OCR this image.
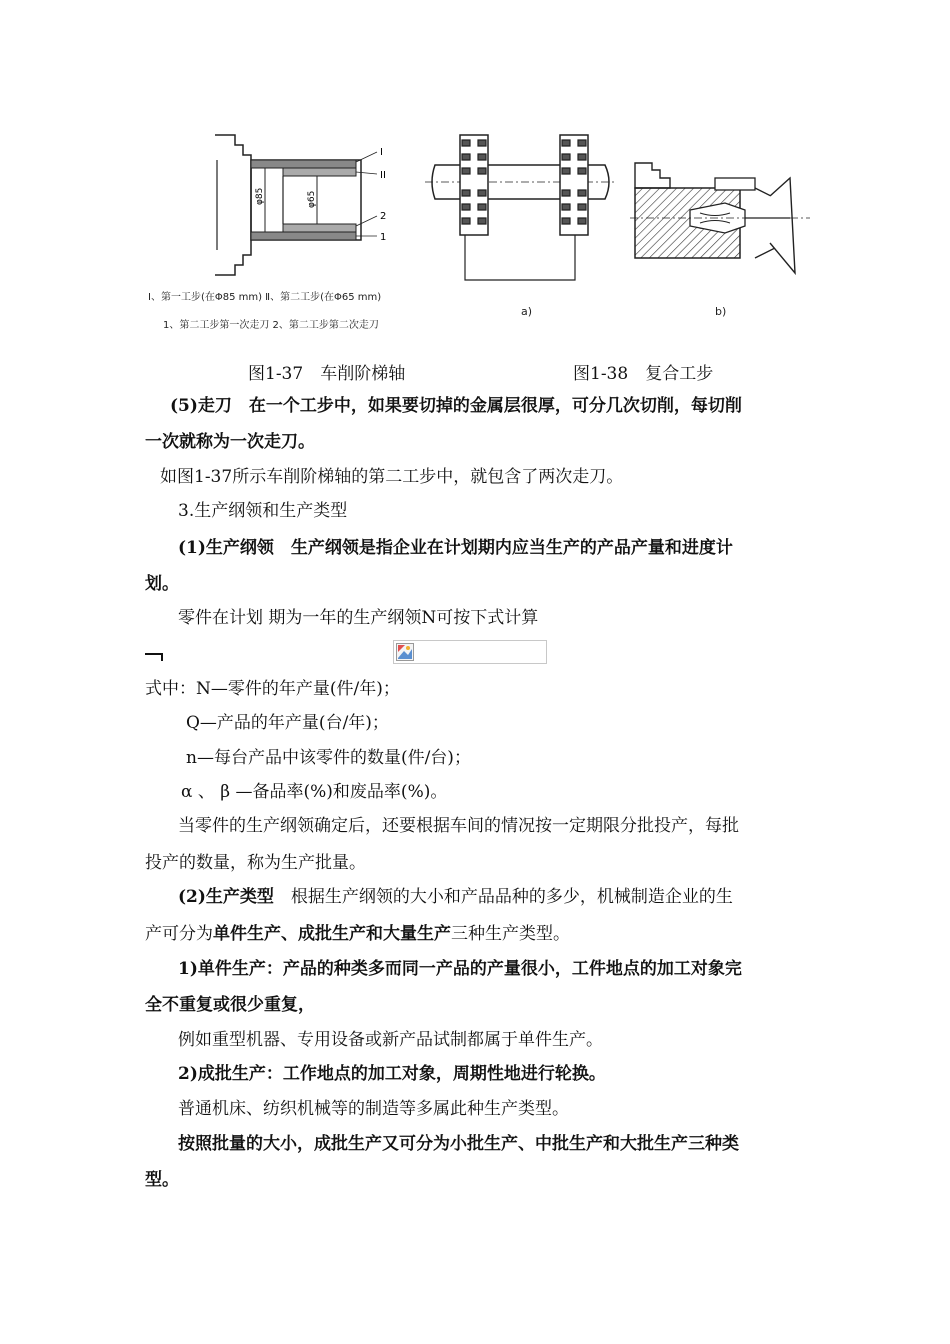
φ85	φ65
I
II
2
1
Ⅰ、第一工步(在Φ85 mm) Ⅱ、第二工步(在Φ65 mm)
1、第二工步第一次走刀 2、第二工步第二次走刀
a)	b)
图1-37　车削阶梯轴	图1-38　复合工步
(5)走刀　在一个工步中，如果要切掉的金属层很厚，可分几次切削，每切削
一次就称为一次走刀。
如图1-37所示车削阶梯轴的第二工步中，就包含了两次走刀。
3.生产纲领和生产类型
(1)生产纲领　生产纲领是指企业在计划期内应当生产的产品产量和进度计
划。
零件在计划 期为一年的生产纲领N可按下式计算
式中：N—零件的年产量(件/年)；
Q—产品的年产量(台/年)；
n—每台产品中该零件的数量(件/台)；
α 、 β —备品率(%)和废品率(%)。
当零件的生产纲领确定后，还要根据车间的情况按一定期限分批投产，每批
投产的数量，称为生产批量。
(2)生产类型　根据生产纲领的大小和产品品种的多少，机械制造企业的生
产可分为单件生产、成批生产和大量生产三种生产类型。
1)单件生产：产品的种类多而同一产品的产量很小，工件地点的加工对象完
全不重复或很少重复，
例如重型机器、专用设备或新产品试制都属于单件生产。
2)成批生产：工作地点的加工对象，周期性地进行轮换。
普通机床、纺织机械等的制造等多属此种生产类型。
按照批量的大小，成批生产又可分为小批生产、中批生产和大批生产三种类
型。
